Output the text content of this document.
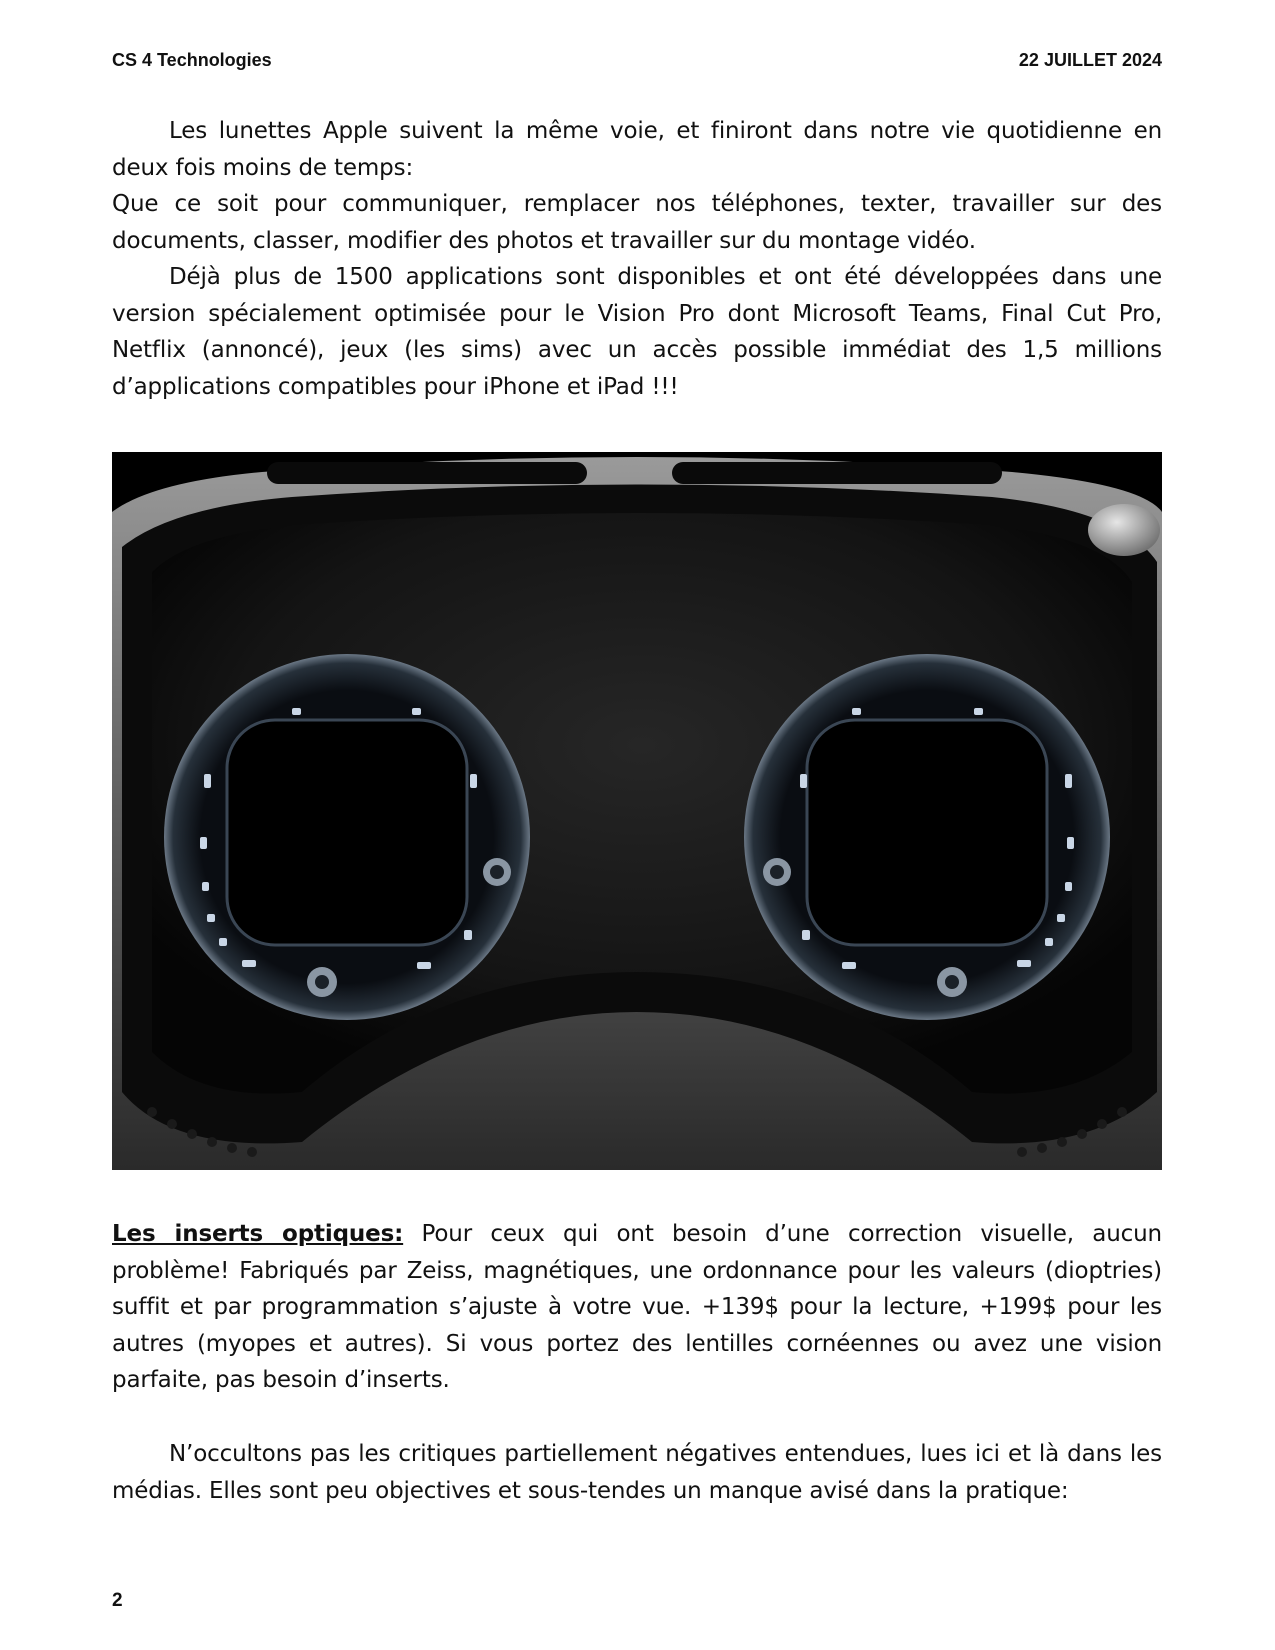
CS 4 Technologies	22 JUILLET 2024
Les lunettes Apple suivent la même voie, et finiront dans notre vie quotidienne en deux fois moins de temps:
Que ce soit pour communiquer, remplacer nos téléphones, texter, travailler sur des documents, classer, modifier des photos et travailler sur du montage vidéo.
Déjà plus de 1500 applications sont disponibles et ont été développées dans une version spécialement optimisée pour le Vision Pro dont Microsoft Teams, Final Cut Pro, Netflix (annoncé), jeux (les sims) avec un accès possible immédiat des 1,5 millions d’applications compatibles pour iPhone et iPad !!!
Les inserts optiques: Pour ceux qui ont besoin d’une correction visuelle, aucun problème! Fabriqués par Zeiss, magnétiques, une ordonnance pour les valeurs (dioptries) suffit et par programmation s’ajuste à votre vue. +139$ pour la lecture, +199$ pour les autres (myopes et autres). Si vous portez des lentilles cornéennes ou avez une vision parfaite, pas besoin d’inserts.
N’occultons pas les critiques partiellement négatives entendues, lues ici et là dans les médias. Elles sont peu objectives et sous-tendes un manque avisé dans la pratique:
2
